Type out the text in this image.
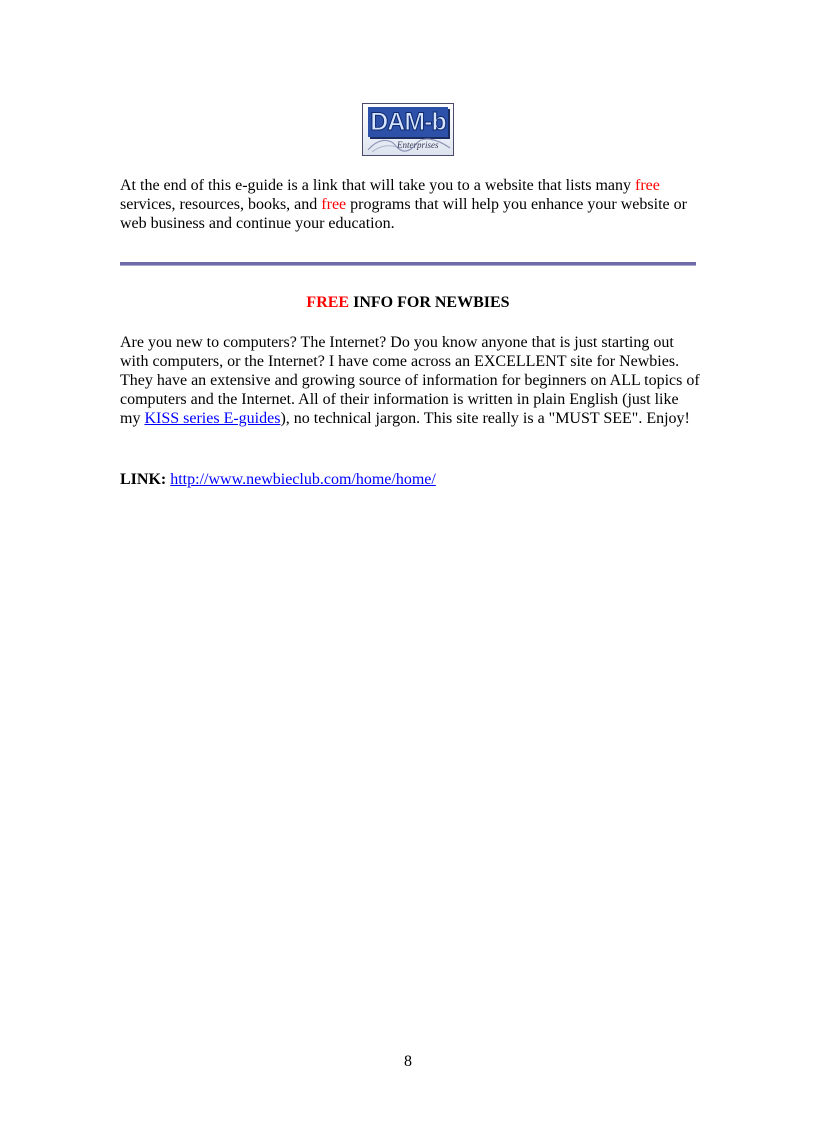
DAM-b
Enterprises

At the end of this e-guide is a link that will take you to a website that lists many free services, resources, books, and free programs that will help you enhance your website or web business and continue your education.

FREE INFO FOR NEWBIES

Are you new to computers? The Internet? Do you know anyone that is just starting out with computers, or the Internet? I have come across an EXCELLENT site for Newbies. They have an extensive and growing source of information for beginners on ALL topics of computers and the Internet. All of their information is written in plain English (just like my KISS series E-guides), no technical jargon. This site really is a "MUST SEE". Enjoy!

LINK: http://www.newbieclub.com/home/home/

8
